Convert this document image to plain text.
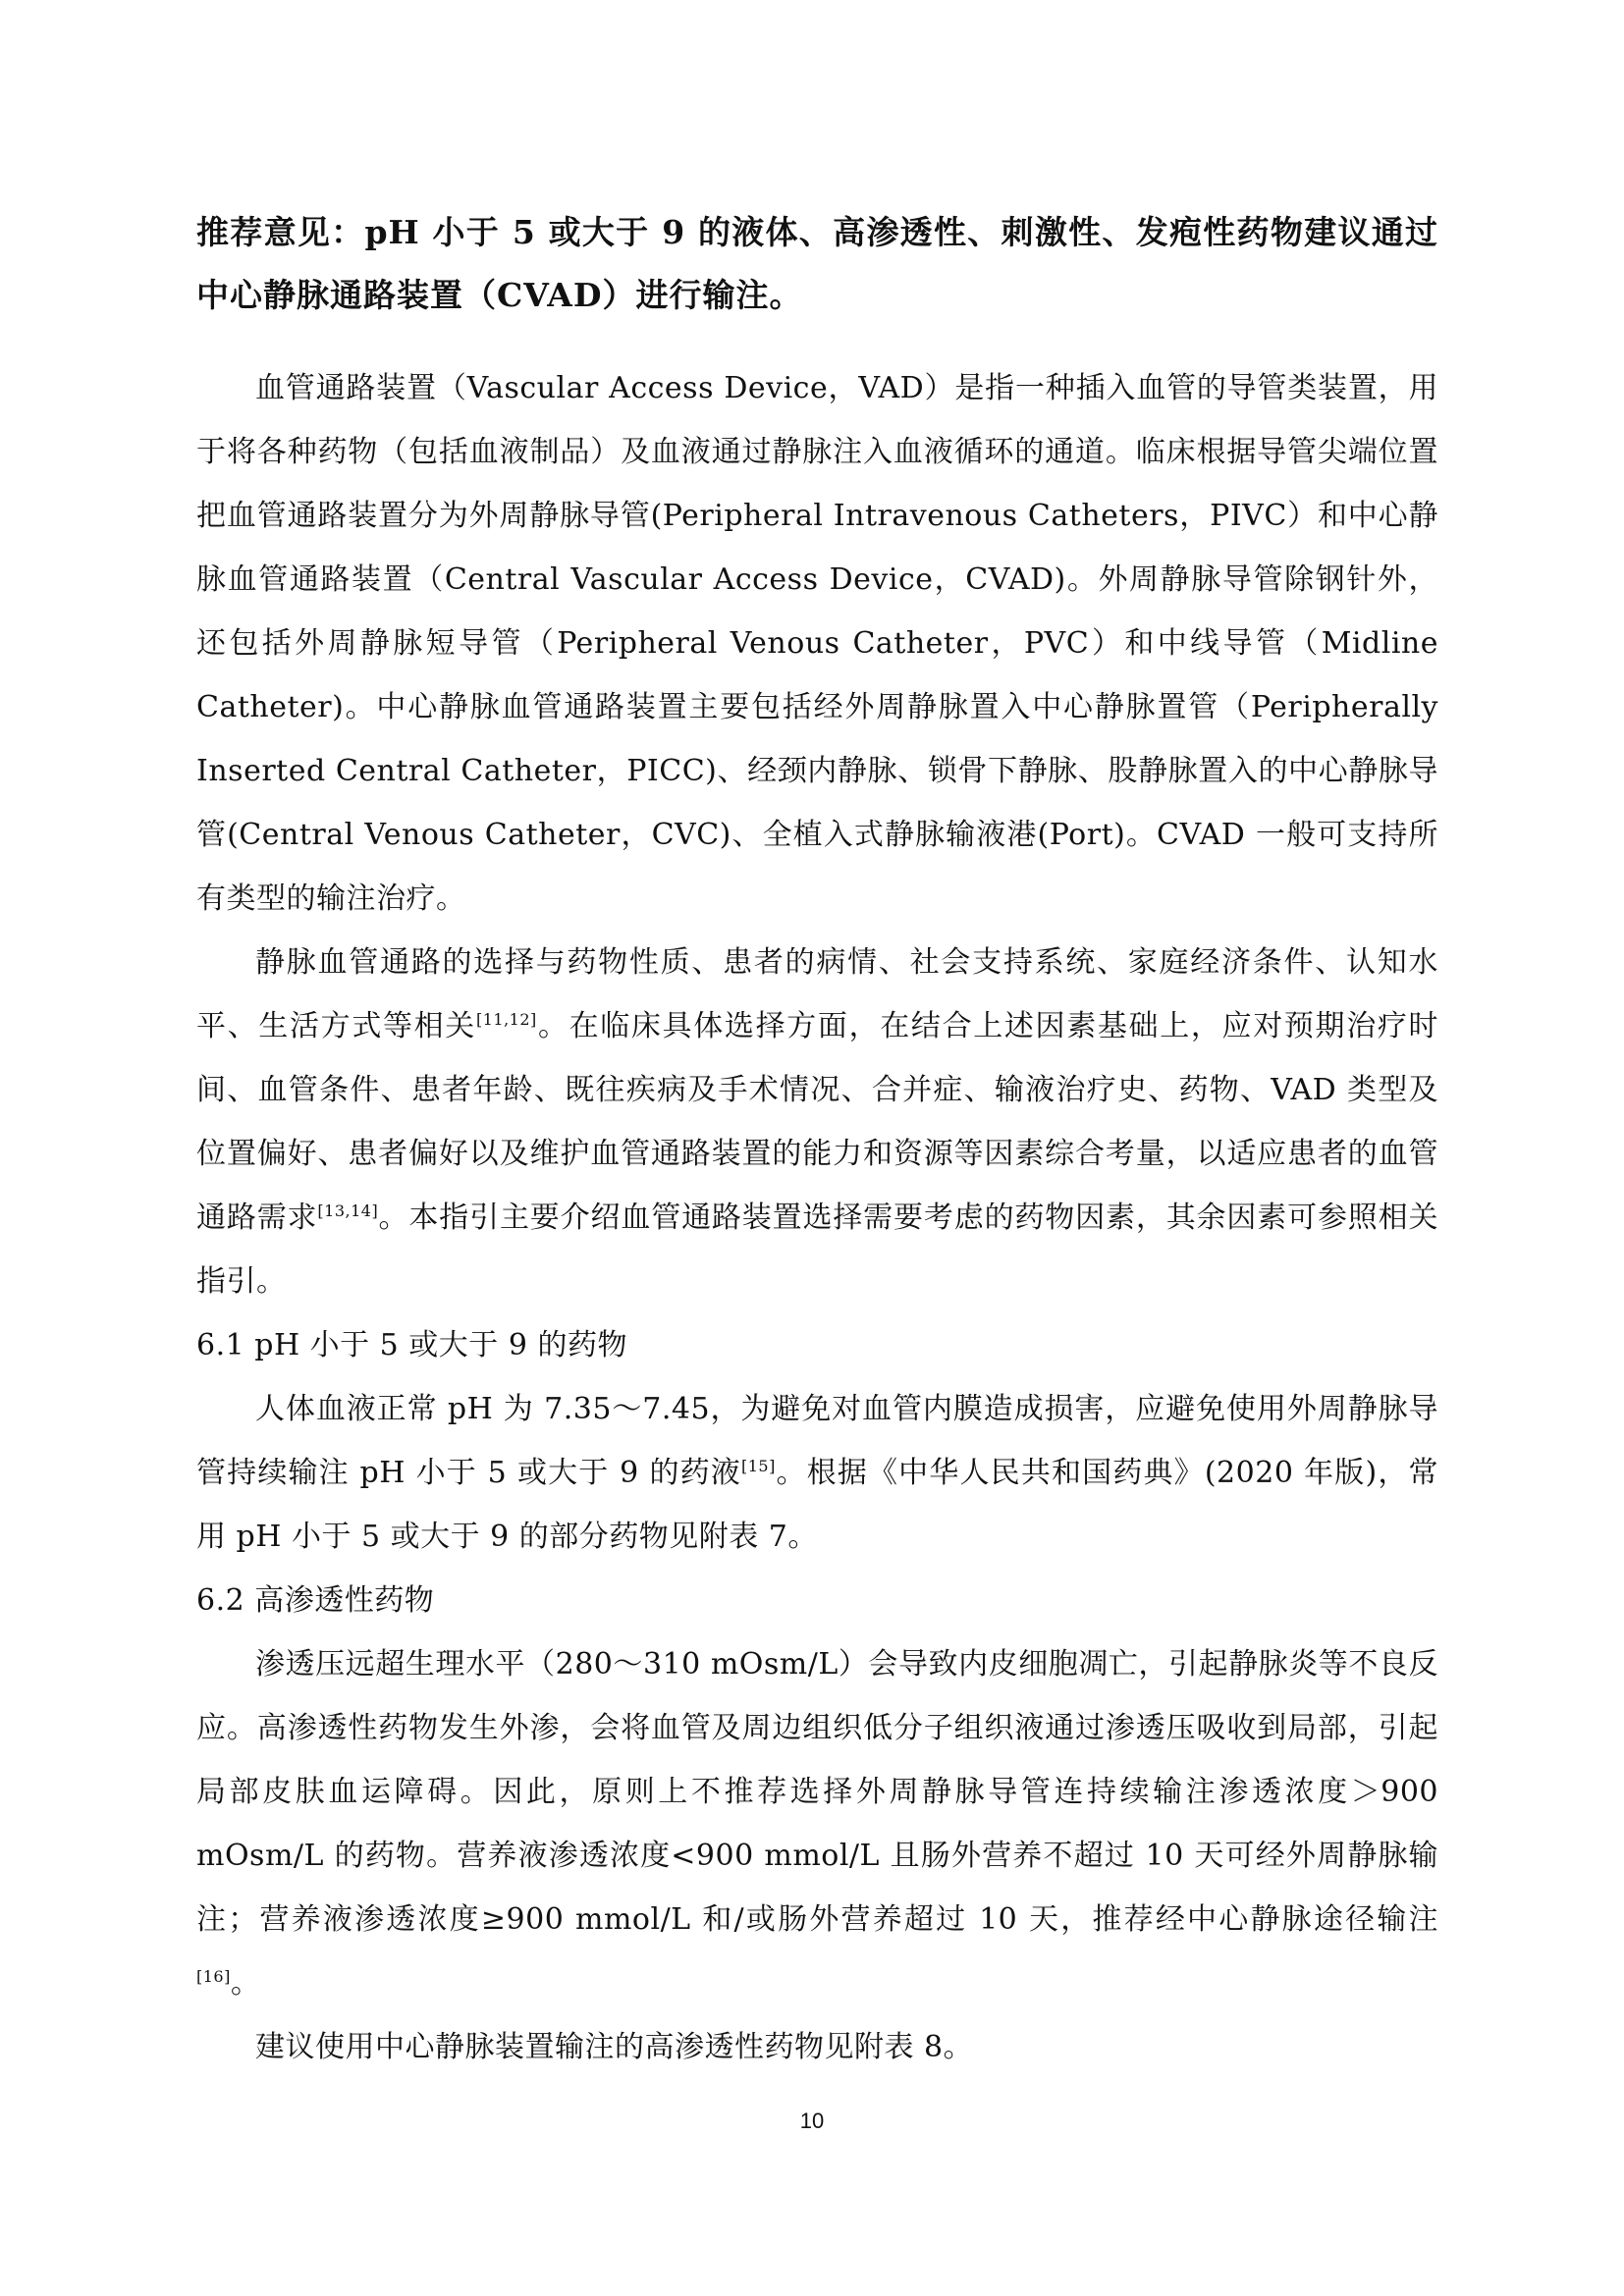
推荐意见：pH 小于 5 或大于 9 的液体、高渗透性、刺激性、发疱性药物建议通过中心静脉通路装置（CVAD）进行输注。

血管通路装置（Vascular Access Device，VAD）是指一种插入血管的导管类装置，用于将各种药物（包括血液制品）及血液通过静脉注入血液循环的通道。临床根据导管尖端位置把血管通路装置分为外周静脉导管(Peripheral Intravenous Catheters，PIVC）和中心静脉血管通路装置（Central Vascular Access Device，CVAD)。外周静脉导管除钢针外，还包括外周静脉短导管（Peripheral Venous Catheter，PVC）和中线导管（Midline Catheter)。中心静脉血管通路装置主要包括经外周静脉置入中心静脉置管（Peripherally Inserted Central Catheter，PICC)、经颈内静脉、锁骨下静脉、股静脉置入的中心静脉导管(Central Venous Catheter，CVC)、全植入式静脉输液港(Port)。CVAD 一般可支持所有类型的输注治疗。

静脉血管通路的选择与药物性质、患者的病情、社会支持系统、家庭经济条件、认知水平、生活方式等相关[11,12]。在临床具体选择方面，在结合上述因素基础上，应对预期治疗时间、血管条件、患者年龄、既往疾病及手术情况、合并症、输液治疗史、药物、VAD 类型及位置偏好、患者偏好以及维护血管通路装置的能力和资源等因素综合考量，以适应患者的血管通路需求[13,14]。本指引主要介绍血管通路装置选择需要考虑的药物因素，其余因素可参照相关指引。

6.1 pH 小于 5 或大于 9 的药物

人体血液正常 pH 为 7.35～7.45，为避免对血管内膜造成损害，应避免使用外周静脉导管持续输注 pH 小于 5 或大于 9 的药液[15]。根据《中华人民共和国药典》(2020 年版)，常用 pH 小于 5 或大于 9 的部分药物见附表 7。

6.2 高渗透性药物

渗透压远超生理水平（280～310 mOsm/L）会导致内皮细胞凋亡，引起静脉炎等不良反应。高渗透性药物发生外渗，会将血管及周边组织低分子组织液通过渗透压吸收到局部，引起局部皮肤血运障碍。因此，原则上不推荐选择外周静脉导管连持续输注渗透浓度＞900 mOsm/L 的药物。营养液渗透浓度<900 mmol/L 且肠外营养不超过 10 天可经外周静脉输注；营养液渗透浓度≥900 mmol/L 和/或肠外营养超过 10 天，推荐经中心静脉途径输注[16]。

建议使用中心静脉装置输注的高渗透性药物见附表 8。

10
